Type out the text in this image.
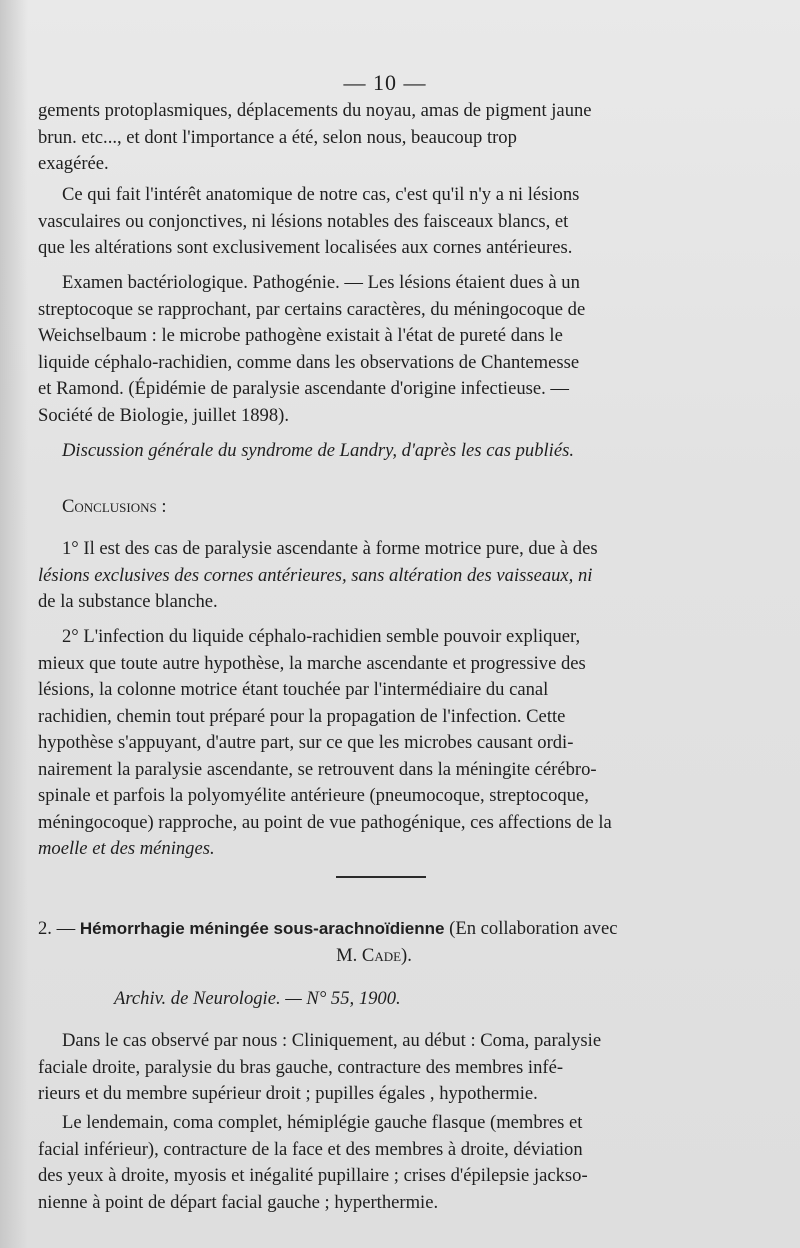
— 10 —
gements protoplasmiques, déplacements du noyau, amas de pigment jaune
brun. etc..., et dont l'importance a été, selon nous, beaucoup trop
exagérée.
Ce qui fait l'intérêt anatomique de notre cas, c'est qu'il n'y a ni lésions
vasculaires ou conjonctives, ni lésions notables des faisceaux blancs, et
que les altérations sont exclusivement localisées aux cornes antérieures.
Examen bactériologique. Pathogénie. — Les lésions étaient dues à un
streptocoque se rapprochant, par certains caractères, du méningocoque de
Weichselbaum : le microbe pathogène existait à l'état de pureté dans le
liquide céphalo-rachidien, comme dans les observations de Chantemesse
et Ramond. (Épidémie de paralysie ascendante d'origine infectieuse. —
Société de Biologie, juillet 1898).
Discussion générale du syndrome de Landry, d'après les cas publiés.
Conclusions :
1° Il est des cas de paralysie ascendante à forme motrice pure, due à des
lésions exclusives des cornes antérieures, sans altération des vaisseaux, ni
de la substance blanche.
2° L'infection du liquide céphalo-rachidien semble pouvoir expliquer,
mieux que toute autre hypothèse, la marche ascendante et progressive des
lésions, la colonne motrice étant touchée par l'intermédiaire du canal
rachidien, chemin tout préparé pour la propagation de l'infection. Cette
hypothèse s'appuyant, d'autre part, sur ce que les microbes causant ordi-
nairement la paralysie ascendante, se retrouvent dans la méningite cérébro-
spinale et parfois la polyomyélite antérieure (pneumocoque, streptocoque,
méningocoque) rapproche, au point de vue pathogénique, ces affections de la
moelle et des méninges.
2. — Hémorrhagie méningée sous-arachnoïdienne (En collaboration avec
M. Cade).
Archiv. de Neurologie. — N° 55, 1900.
Dans le cas observé par nous : Cliniquement, au début : Coma, paralysie
faciale droite, paralysie du bras gauche, contracture des membres infé-
rieurs et du membre supérieur droit ; pupilles égales , hypothermie.
Le lendemain, coma complet, hémiplégie gauche flasque (membres et
facial inférieur), contracture de la face et des membres à droite, déviation
des yeux à droite, myosis et inégalité pupillaire ; crises d'épilepsie jackso-
nienne à point de départ facial gauche ; hyperthermie.
